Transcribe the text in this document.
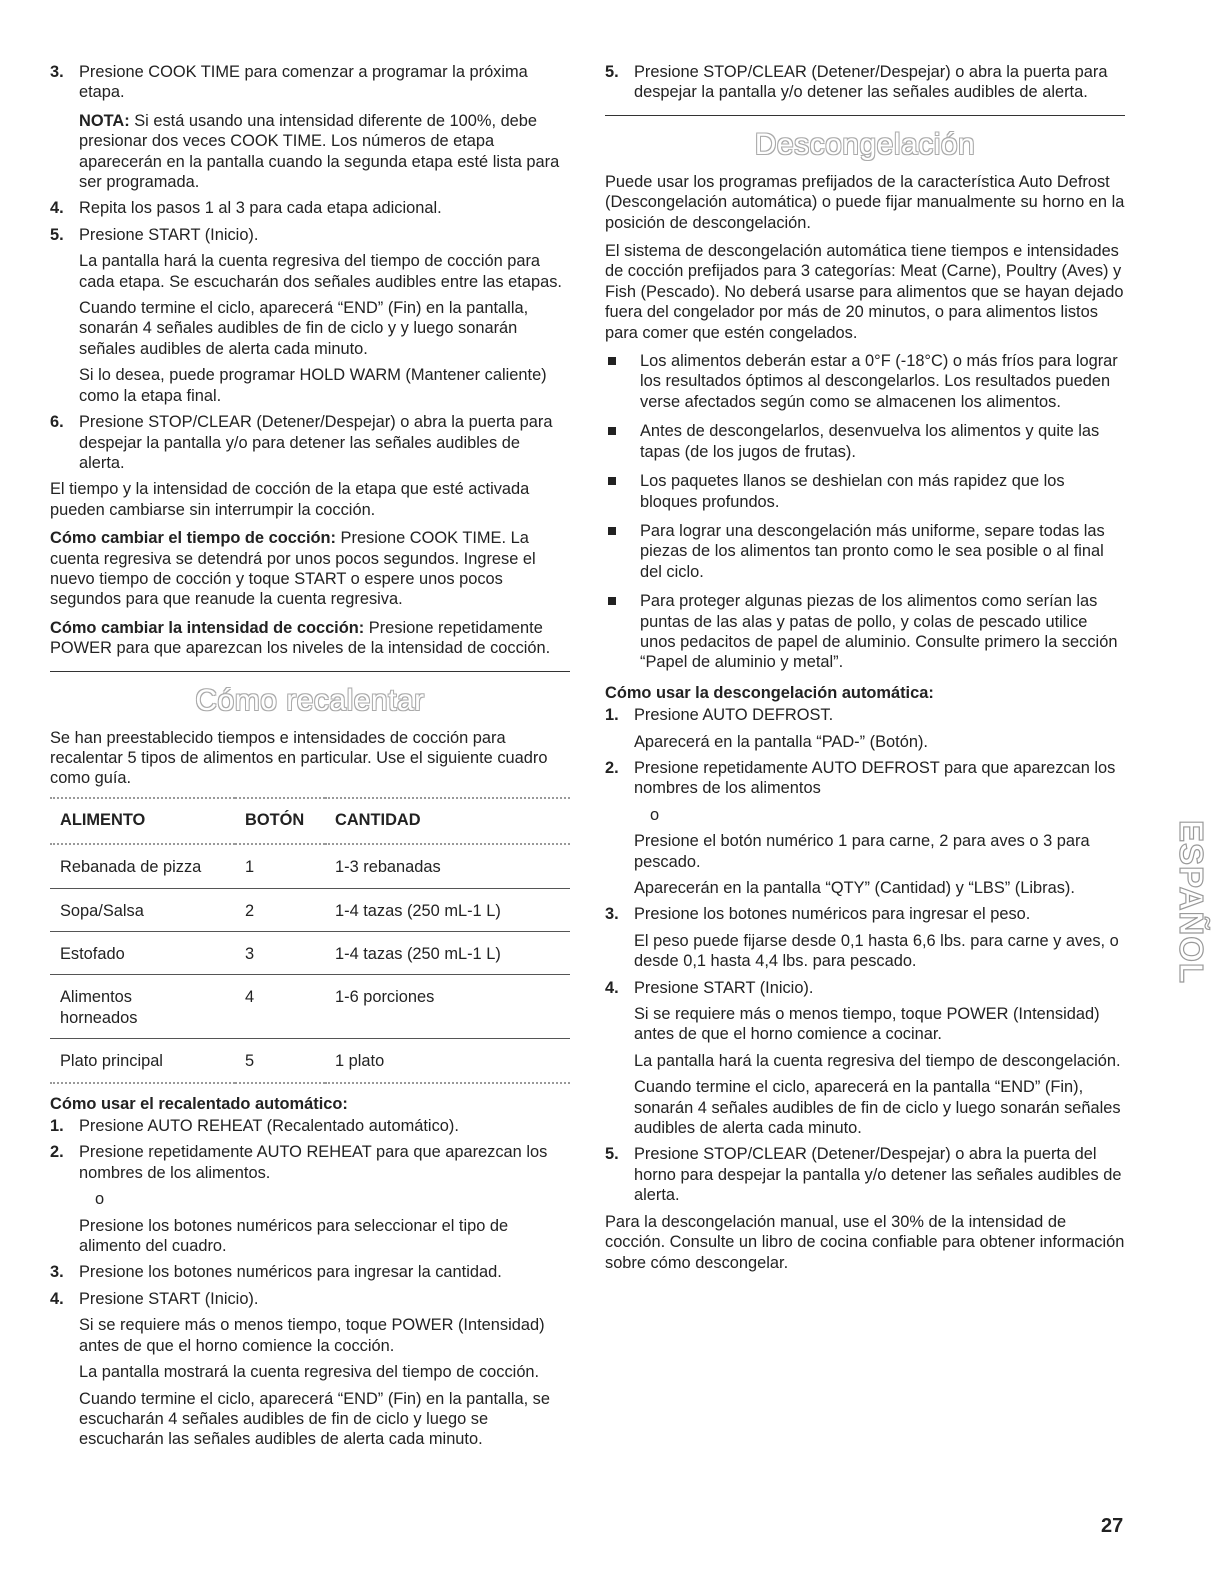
3. Presione COOK TIME para comenzar a programar la próxima etapa.
NOTA: Si está usando una intensidad diferente de 100%, debe presionar dos veces COOK TIME. Los números de etapa aparecerán en la pantalla cuando la segunda etapa esté lista para ser programada.
4. Repita los pasos 1 al 3 para cada etapa adicional.
5. Presione START (Inicio).

La pantalla hará la cuenta regresiva del tiempo de cocción para cada etapa. Se escucharán dos señales audibles entre las etapas.

Cuando termine el ciclo, aparecerá “END” (Fin) en la pantalla, sonarán 4 señales audibles de fin de ciclo y y luego sonarán señales audibles de alerta cada minuto.

Si lo desea, puede programar HOLD WARM (Mantener caliente) como la etapa final.

6. Presione STOP/CLEAR (Detener/Despejar) o abra la puerta para despejar la pantalla y/o para detener las señales audibles de alerta.

El tiempo y la intensidad de cocción de la etapa que esté activada pueden cambiarse sin interrumpir la cocción.

Cómo cambiar el tiempo de cocción: Presione COOK TIME. La cuenta regresiva se detendrá por unos pocos segundos. Ingrese el nuevo tiempo de cocción y toque START o espere unos pocos segundos para que reanude la cuenta regresiva.

Cómo cambiar la intensidad de cocción: Presione repetidamente POWER para que aparezcan los niveles de la intensidad de cocción.

Cómo recalentar

Se han preestablecido tiempos e intensidades de cocción para recalentar 5 tipos de alimentos en particular. Use el siguiente cuadro como guía.

ALIMENTO	BOTÓN	CANTIDAD
Rebanada de pizza	1	1-3 rebanadas
Sopa/Salsa	2	1-4 tazas (250 mL-1 L)
Estofado	3	1-4 tazas (250 mL-1 L)
Alimentos horneados	4	1-6 porciones
Plato principal	5	1 plato
Cómo usar el recalentado automático:
1. Presione AUTO REHEAT (Recalentado automático).
2. Presione repetidamente AUTO REHEAT para que aparezcan los nombres de los alimentos.

o

Presione los botones numéricos para seleccionar el tipo de alimento del cuadro.

3. Presione los botones numéricos para ingresar la cantidad.
4. Presione START (Inicio).

Si se requiere más o menos tiempo, toque POWER (Intensidad) antes de que el horno comience la cocción.

La pantalla mostrará la cuenta regresiva del tiempo de cocción.

Cuando termine el ciclo, aparecerá “END” (Fin) en la pantalla, se escucharán 4 señales audibles de fin de ciclo y luego se escucharán las señales audibles de alerta cada minuto.

5. Presione STOP/CLEAR (Detener/Despejar) o abra la puerta para despejar la pantalla y/o detener las señales audibles de alerta.
Descongelación

Puede usar los programas prefijados de la característica Auto Defrost (Descongelación automática) o puede fijar manualmente su horno en la posición de descongelación.

El sistema de descongelación automática tiene tiempos e intensidades de cocción prefijados para 3 categorías: Meat (Carne), Poultry (Aves) y Fish (Pescado). No deberá usarse para alimentos que se hayan dejado fuera del congelador por más de 20 minutos, o para alimentos listos para comer que estén congelados.

Los alimentos deberán estar a 0°F (-18°C) o más fríos para lograr los resultados óptimos al descongelarlos. Los resultados pueden verse afectados según como se almacenen los alimentos.
Antes de descongelarlos, desenvuelva los alimentos y quite las tapas (de los jugos de frutas).
Los paquetes llanos se deshielan con más rapidez que los bloques profundos.
Para lograr una descongelación más uniforme, separe todas las piezas de los alimentos tan pronto como le sea posible o al final del ciclo.
Para proteger algunas piezas de los alimentos como serían las puntas de las alas y patas de pollo, y colas de pescado utilice unos pedacitos de papel de aluminio. Consulte primero la sección “Papel de aluminio y metal”.
Cómo usar la descongelación automática:
1. Presione AUTO DEFROST.

Aparecerá en la pantalla “PAD-” (Botón).

2. Presione repetidamente AUTO DEFROST para que aparezcan los nombres de los alimentos

o

Presione el botón numérico 1 para carne, 2 para aves o 3 para pescado.

Aparecerán en la pantalla “QTY” (Cantidad) y “LBS” (Libras).

3. Presione los botones numéricos para ingresar el peso.

El peso puede fijarse desde 0,1 hasta 6,6 lbs. para carne y aves, o desde 0,1 hasta 4,4 lbs. para pescado.

4. Presione START (Inicio).

Si se requiere más o menos tiempo, toque POWER (Intensidad) antes de que el horno comience a cocinar.

La pantalla hará la cuenta regresiva del tiempo de descongelación.

Cuando termine el ciclo, aparecerá en la pantalla “END” (Fin), sonarán 4 señales audibles de fin de ciclo y luego sonarán señales audibles de alerta cada minuto.

5. Presione STOP/CLEAR (Detener/Despejar) o abra la puerta del horno para despejar la pantalla y/o detener las señales audibles de alerta.

Para la descongelación manual, use el 30% de la intensidad de cocción. Consulte un libro de cocina confiable para obtener información sobre cómo descongelar.

ESPAÑOL
27
